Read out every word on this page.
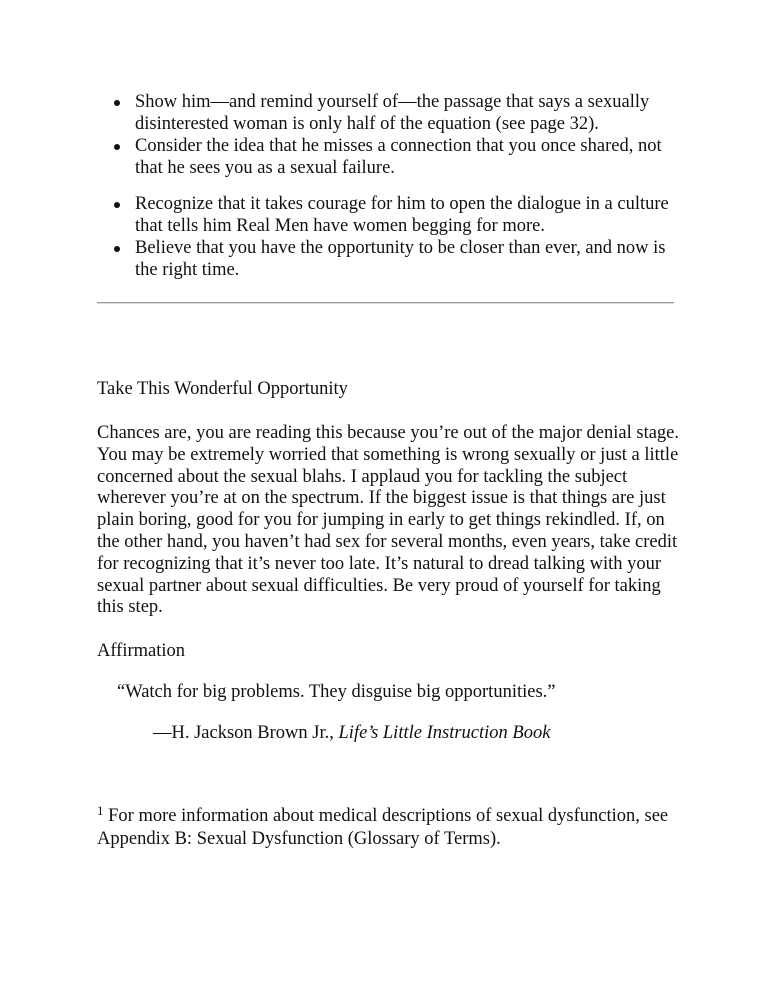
Show him—and remind yourself of—the passage that says a sexually disinterested woman is only half of the equation (see page 32).
Consider the idea that he misses a connection that you once shared, not that he sees you as a sexual failure.
Recognize that it takes courage for him to open the dialogue in a culture that tells him Real Men have women begging for more.
Believe that you have the opportunity to be closer than ever, and now is the right time.
Take This Wonderful Opportunity

Chances are, you are reading this because you’re out of the major denial stage. You may be extremely worried that something is wrong sexually or just a little concerned about the sexual blahs. I applaud you for tackling the subject wherever you’re at on the spectrum. If the biggest issue is that things are just plain boring, good for you for jumping in early to get things rekindled. If, on the other hand, you haven’t had sex for several months, even years, take credit for recognizing that it’s never too late. It’s natural to dread talking with your sexual partner about sexual difficulties. Be very proud of yourself for taking this step.

Affirmation

“Watch for big problems. They disguise big opportunities.”

—H. Jackson Brown Jr., Life’s Little Instruction Book

$^1$ For more information about medical descriptions of sexual dysfunction, see Appendix B: Sexual Dysfunction (Glossary of Terms).
